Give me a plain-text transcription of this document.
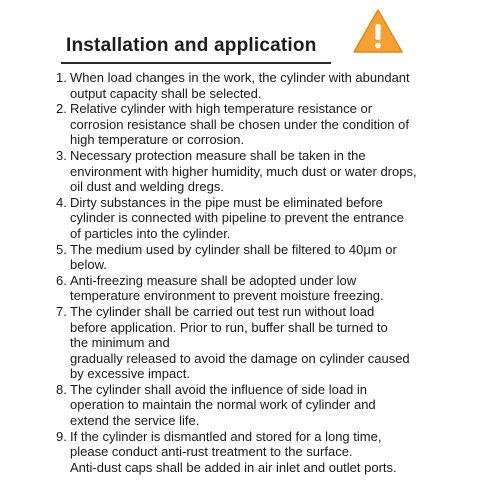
Installation and application
1. When load changes in the work, the cylinder with abundant
output capacity shall be selected.
2. Relative cylinder with high temperature resistance or
corrosion resistance shall be chosen under the condition of
high temperature or corrosion.
3. Necessary protection measure shall be taken in the
environment with higher humidity, much dust or water drops,
oil dust and welding dregs.
4. Dirty substances in the pipe must be eliminated before
cylinder is connected with pipeline to prevent the entrance
of particles into the cylinder.
5. The medium used by cylinder shall be filtered to 40μm or
below.
6. Anti-freezing measure shall be adopted under low
temperature environment to prevent moisture freezing.
7. The cylinder shall be carried out test run without load
before application. Prior to run, buffer shall be turned to
the minimum and
gradually released to avoid the damage on cylinder caused
by excessive impact.
8. The cylinder shall avoid the influence of side load in
operation to maintain the normal work of cylinder and
extend the service life.
9. If the cylinder is dismantled and stored for a long time,
please conduct anti-rust treatment to the surface.
Anti-dust caps shall be added in air inlet and outlet ports.
